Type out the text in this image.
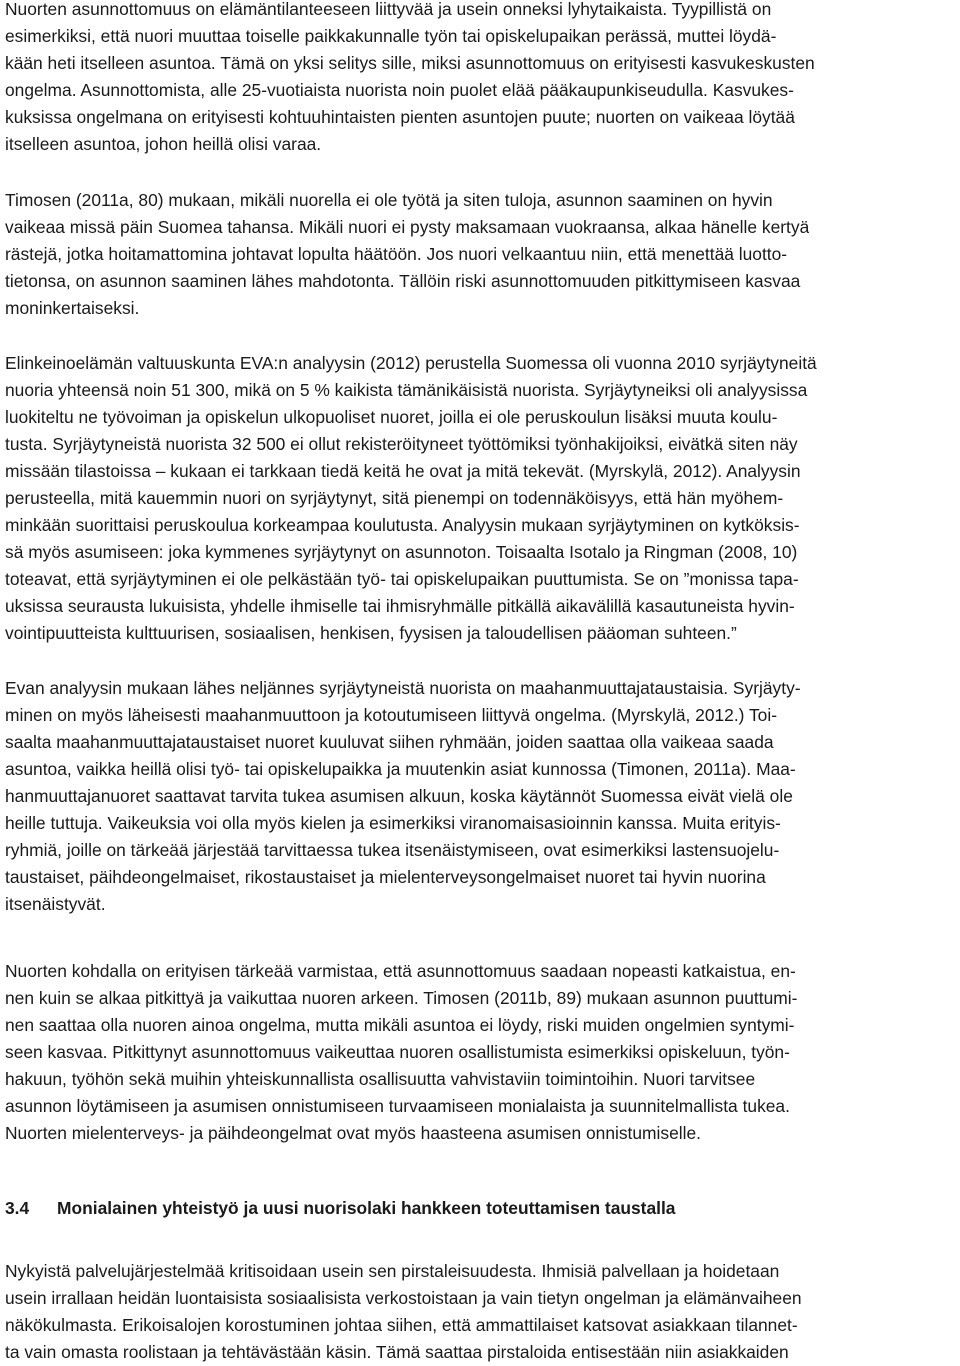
Nuorten asunnottomuus on elämäntilanteeseen liittyvää ja usein onneksi lyhytaikaista. Tyypillistä on
esimerkiksi, että nuori muuttaa toiselle paikkakunnalle työn tai opiskelupaikan perässä, muttei löydä-
kään heti itselleen asuntoa. Tämä on yksi selitys sille, miksi asunnottomuus on erityisesti kasvukeskusten
ongelma. Asunnottomista, alle 25-vuotiaista nuorista noin puolet elää pääkaupunkiseudulla. Kasvukes-
kuksissa ongelmana on erityisesti kohtuuhintaisten pienten asuntojen puute; nuorten on vaikeaa löytää
itselleen asuntoa, johon heillä olisi varaa.
Timosen (2011a, 80) mukaan, mikäli nuorella ei ole työtä ja siten tuloja, asunnon saaminen on hyvin
vaikeaa missä päin Suomea tahansa. Mikäli nuori ei pysty maksamaan vuokraansa, alkaa hänelle kertyä
rästejä, jotka hoitamattomina johtavat lopulta häätöön. Jos nuori velkaantuu niin, että menettää luotto-
tietonsa, on asunnon saaminen lähes mahdotonta. Tällöin riski asunnottomuuden pitkittymiseen kasvaa
moninkertaiseksi.
Elinkeinoelämän valtuuskunta EVA:n analyysin (2012) perustella Suomessa oli vuonna 2010 syrjäytyneitä
nuoria yhteensä noin 51 300, mikä on 5 % kaikista tämänikäisistä nuorista. Syrjäytyneiksi oli analyysissa
luokiteltu ne työvoiman ja opiskelun ulkopuoliset nuoret, joilla ei ole peruskoulun lisäksi muuta koulu-
tusta. Syrjäytyneistä nuorista 32 500 ei ollut rekisteröityneet työttömiksi työnhakijoiksi, eivätkä siten näy
missään tilastoissa – kukaan ei tarkkaan tiedä keitä he ovat ja mitä tekevät. (Myrskylä, 2012). Analyysin
perusteella, mitä kauemmin nuori on syrjäytynyt, sitä pienempi on todennäköisyys, että hän myöhem-
minkään suorittaisi peruskoulua korkeampaa koulutusta. Analyysin mukaan syrjäytyminen on kytköksis-
sä myös asumiseen: joka kymmenes syrjäytynyt on asunnoton. Toisaalta Isotalo ja Ringman (2008, 10)
toteavat, että syrjäytyminen ei ole pelkästään työ- tai opiskelupaikan puuttumista. Se on ”monissa tapa-
uksissa seurausta lukuisista, yhdelle ihmiselle tai ihmisryhmälle pitkällä aikavälillä kasautuneista hyvin-
vointipuutteista kulttuurisen, sosiaalisen, henkisen, fyysisen ja taloudellisen pääoman suhteen.”
Evan analyysin mukaan lähes neljännes syrjäytyneistä nuorista on maahanmuuttajataustaisia. Syrjäyty-
minen on myös läheisesti maahanmuuttoon ja kotoutumiseen liittyvä ongelma. (Myrskylä, 2012.) Toi-
saalta maahanmuuttajataustaiset nuoret kuuluvat siihen ryhmään, joiden saattaa olla vaikeaa saada
asuntoa, vaikka heillä olisi työ- tai opiskelupaikka ja muutenkin asiat kunnossa (Timonen, 2011a). Maa-
hanmuuttajanuoret saattavat tarvita tukea asumisen alkuun, koska käytännöt Suomessa eivät vielä ole
heille tuttuja. Vaikeuksia voi olla myös kielen ja esimerkiksi viranomaisasioinnin kanssa. Muita erityis-
ryhmiä, joille on tärkeää järjestää tarvittaessa tukea itsenäistymiseen, ovat esimerkiksi lastensuojelu-
taustaiset, päihdeongelmaiset, rikostaustaiset ja mielenterveysongelmaiset nuoret tai hyvin nuorina
itsenäistyvät.
Nuorten kohdalla on erityisen tärkeää varmistaa, että asunnottomuus saadaan nopeasti katkaistua, en-
nen kuin se alkaa pitkittyä ja vaikuttaa nuoren arkeen. Timosen (2011b, 89) mukaan asunnon puuttumi-
nen saattaa olla nuoren ainoa ongelma, mutta mikäli asuntoa ei löydy, riski muiden ongelmien syntymi-
seen kasvaa. Pitkittynyt asunnottomuus vaikeuttaa nuoren osallistumista esimerkiksi opiskeluun, työn-
hakuun, työhön sekä muihin yhteiskunnallista osallisuutta vahvistaviin toimintoihin. Nuori tarvitsee
asunnon löytämiseen ja asumisen onnistumiseen turvaamiseen monialaista ja suunnitelmallista tukea.
Nuorten mielenterveys- ja päihdeongelmat ovat myös haasteena asumisen onnistumiselle.
3.4 Monialainen yhteistyö ja uusi nuorisolaki hankkeen toteuttamisen taustalla
Nykyistä palvelujärjestelmää kritisoidaan usein sen pirstaleisuudesta. Ihmisiä palvellaan ja hoidetaan
usein irrallaan heidän luontaisista sosiaalisista verkostoistaan ja vain tietyn ongelman ja elämänvaiheen
näkökulmasta. Erikoisalojen korostuminen johtaa siihen, että ammattilaiset katsovat asiakkaan tilannet-
ta vain omasta roolistaan ja tehtävästään käsin. Tämä saattaa pirstaloida entisestään niin asiakkaiden
